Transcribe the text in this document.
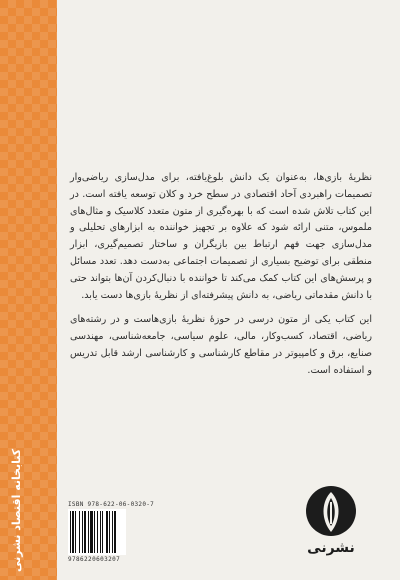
کتابخانه اقتصاد نشرنی

نظریهٔ بازی‌ها، به‌عنوان یک دانش بلوغ‌یافته، برای مدل‌سازی ریاضی‌وار تصمیمات راهبردی آحاد اقتصادی در سطح خرد و کلان توسعه یافته است. در این کتاب تلاش شده است که با بهره‌گیری از متون متعدد کلاسیک و مثال‌های ملموس، متنی ارائه شود که علاوه بر تجهیز خواننده به ابزارهای تحلیلی و مدل‌سازی جهت فهم ارتباط بین بازیگران و ساختار تصمیم‌گیری، ابزار منطقی برای توضیح بسیاری از تصمیمات اجتماعی به‌دست دهد. تعدد مسائل و پرسش‌های این کتاب کمک می‌کند تا خواننده با دنبال‌کردن آن‌ها بتواند حتی با دانش مقدماتی ریاضی، به دانش پیشرفته‌ای از نظریهٔ بازی‌ها دست یابد.

این کتاب یکی از متون درسی در حوزهٔ نظریهٔ بازی‌هاست و در رشته‌های ریاضی، اقتصاد، کسب‌وکار، مالی، علوم سیاسی، جامعه‌شناسی، مهندسی صنایع، برق و کامپیوتر در مقاطع کارشناسی و کارشناسی ارشد قابل تدریس و استفاده است.

ISBN 978-622-06-0320-7
9786220603207
نشرنی
